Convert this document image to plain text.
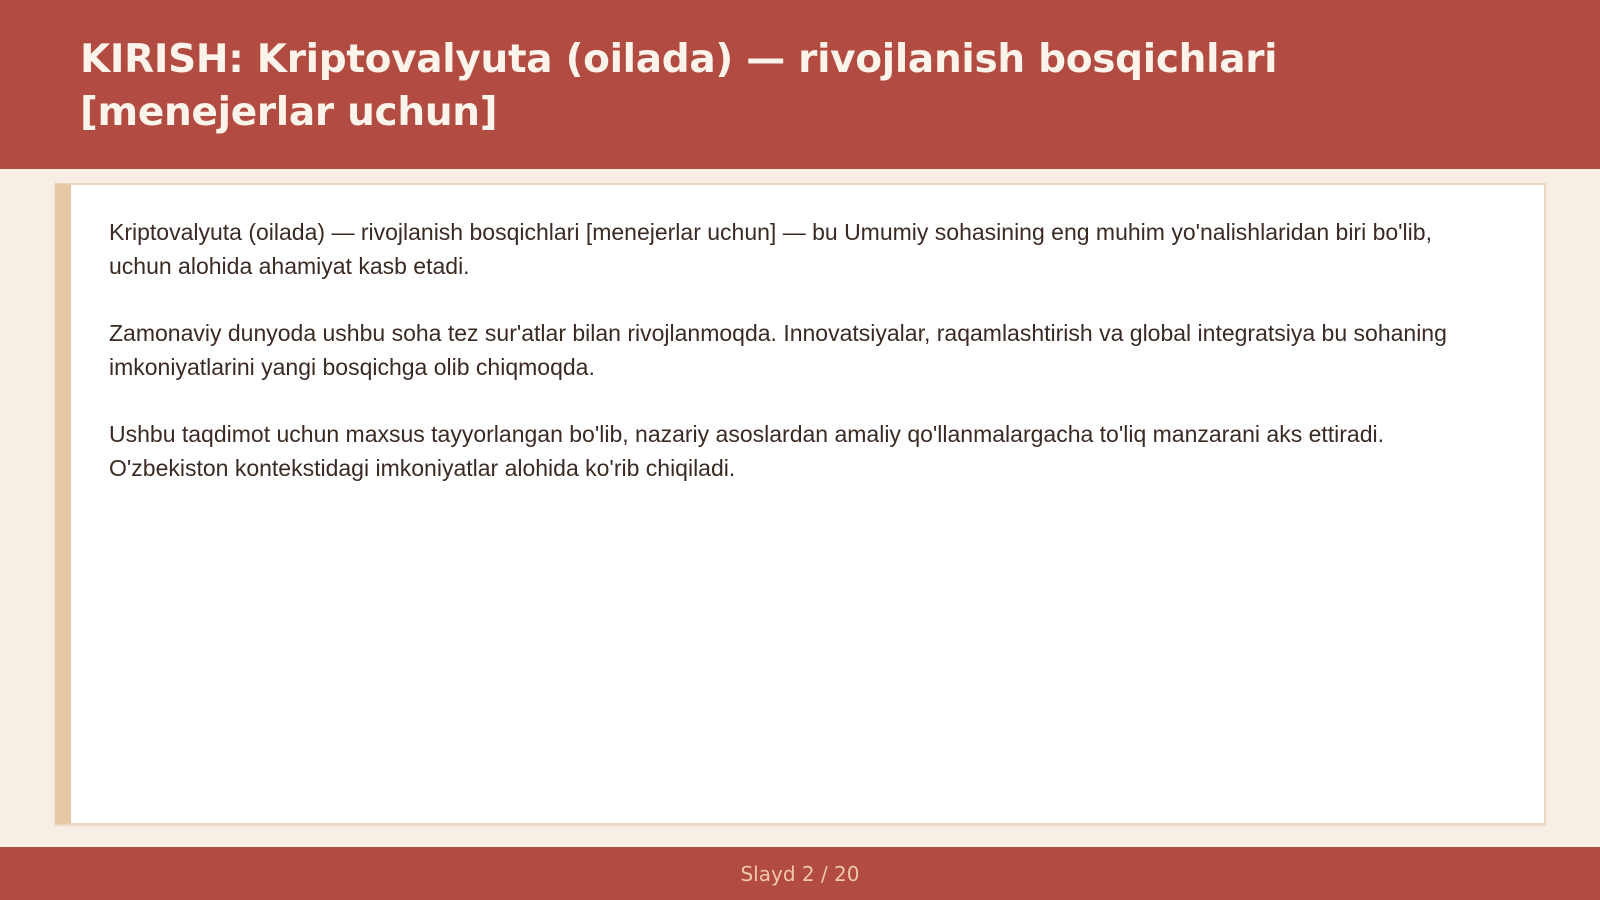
KIRISH: Kriptovalyuta (oilada) — rivojlanish bosqichlari [menejerlar uchun]

Kriptovalyuta (oilada) — rivojlanish bosqichlari [menejerlar uchun] — bu Umumiy sohasining eng muhim yo'nalishlaridan biri bo'lib, uchun alohida ahamiyat kasb etadi.

Zamonaviy dunyoda ushbu soha tez sur'atlar bilan rivojlanmoqda. Innovatsiyalar, raqamlashtirish va global integratsiya bu sohaning imkoniyatlarini yangi bosqichga olib chiqmoqda.

Ushbu taqdimot uchun maxsus tayyorlangan bo'lib, nazariy asoslardan amaliy qo'llanmalargacha to'liq manzarani aks ettiradi. O'zbekiston kontekstidagi imkoniyatlar alohida ko'rib chiqiladi.

Slayd 2 / 20
